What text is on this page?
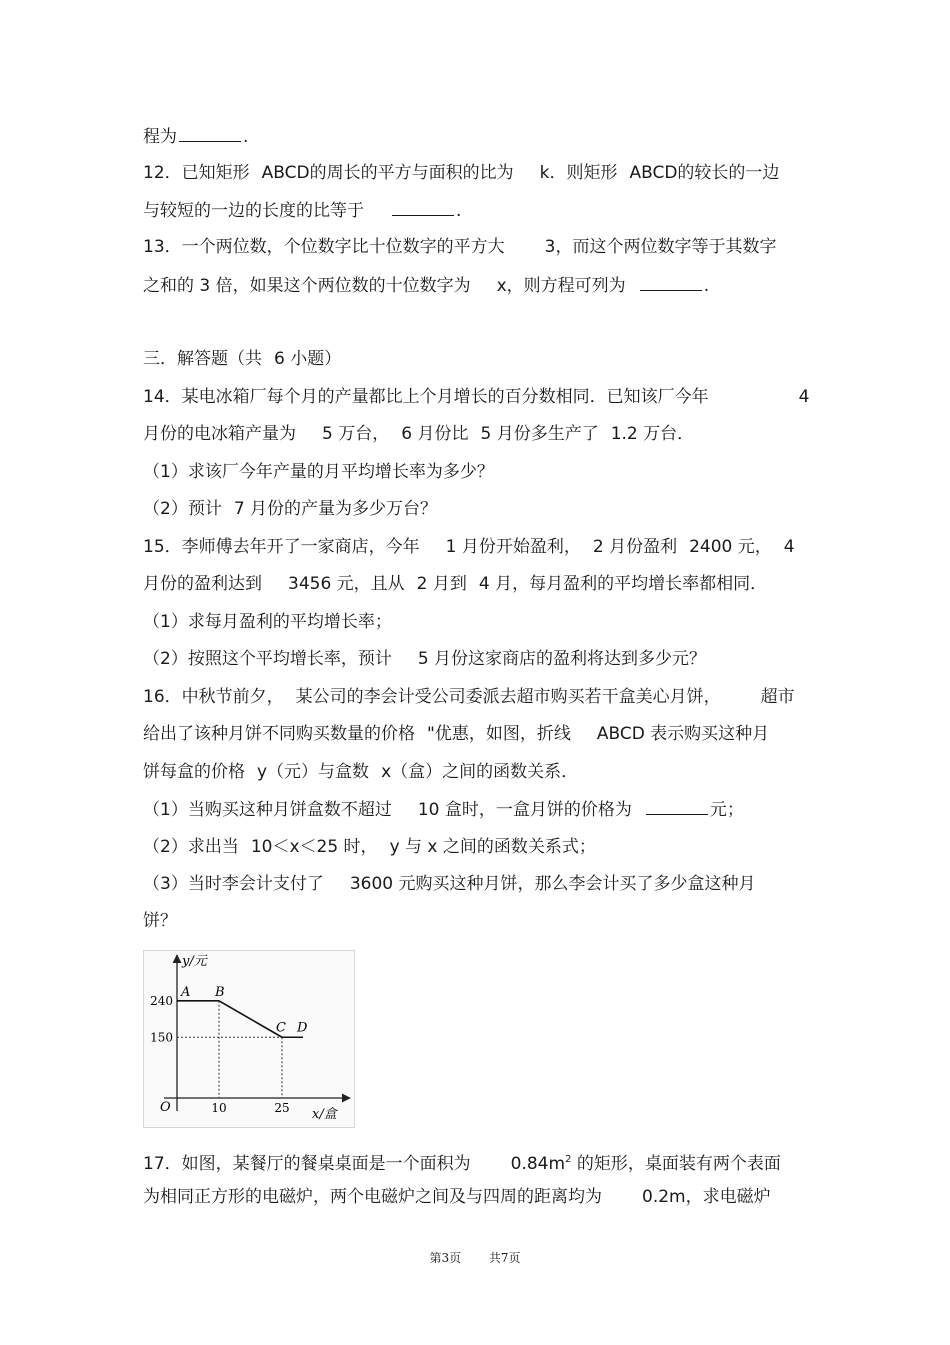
程为	.
12．已知矩形 ABCD的周长的平方与面积的比为 k．则矩形 ABCD的较长的一边
与较短的一边的长度的比等于	.
13．一个两位数，个位数字比十位数字的平方大 3，而这个两位数字等于其数字
之和的 3 倍，如果这个两位数的十位数字为 x，则方程可列为	.
三．解答题（共 6 小题）
14．某电冰箱厂每个月的产量都比上个月增长的百分数相同．已知该厂今年	4
月份的电冰箱产量为 5 万台， 6 月份比 5 月份多生产了 1.2 万台．
（1）求该厂今年产量的月平均增长率为多少？
（2）预计 7 月份的产量为多少万台？
15．李师傅去年开了一家商店，今年 1 月份开始盈利， 2 月份盈利 2400 元， 4
月份的盈利达到 3456 元，且从 2 月到 4 月，每月盈利的平均增长率都相同．
（1）求每月盈利的平均增长率；
（2）按照这个平均增长率，预计 5 月份这家商店的盈利将达到多少元？
16．中秋节前夕， 某公司的李会计受公司委派去超市购买若干盒美心月饼， 超市
给出了该种月饼不同购买数量的价格 "优惠，如图，折线 ABCD 表示购买这种月
饼每盒的价格 y（元）与盒数 x（盒）之间的函数关系．
（1）当购买这种月饼盒数不超过 10 盒时，一盒月饼的价格为	元；
（2）求出当 10＜x＜25 时， y 与 x 之间的函数关系式；
（3）当时李会计支付了 3600 元购买这种月饼，那么李会计买了多少盒这种月
饼？
240
150
10	25
A B
C D
y/元
x/盒
O
17．如图，某餐厅的餐桌桌面是一个面积为 $0.84m^2$ 的矩形，桌面装有两个表面
为相同正方形的电磁炉，两个电磁炉之间及与四周的距离均为 0.2m，求电磁炉
第3页 共7页
